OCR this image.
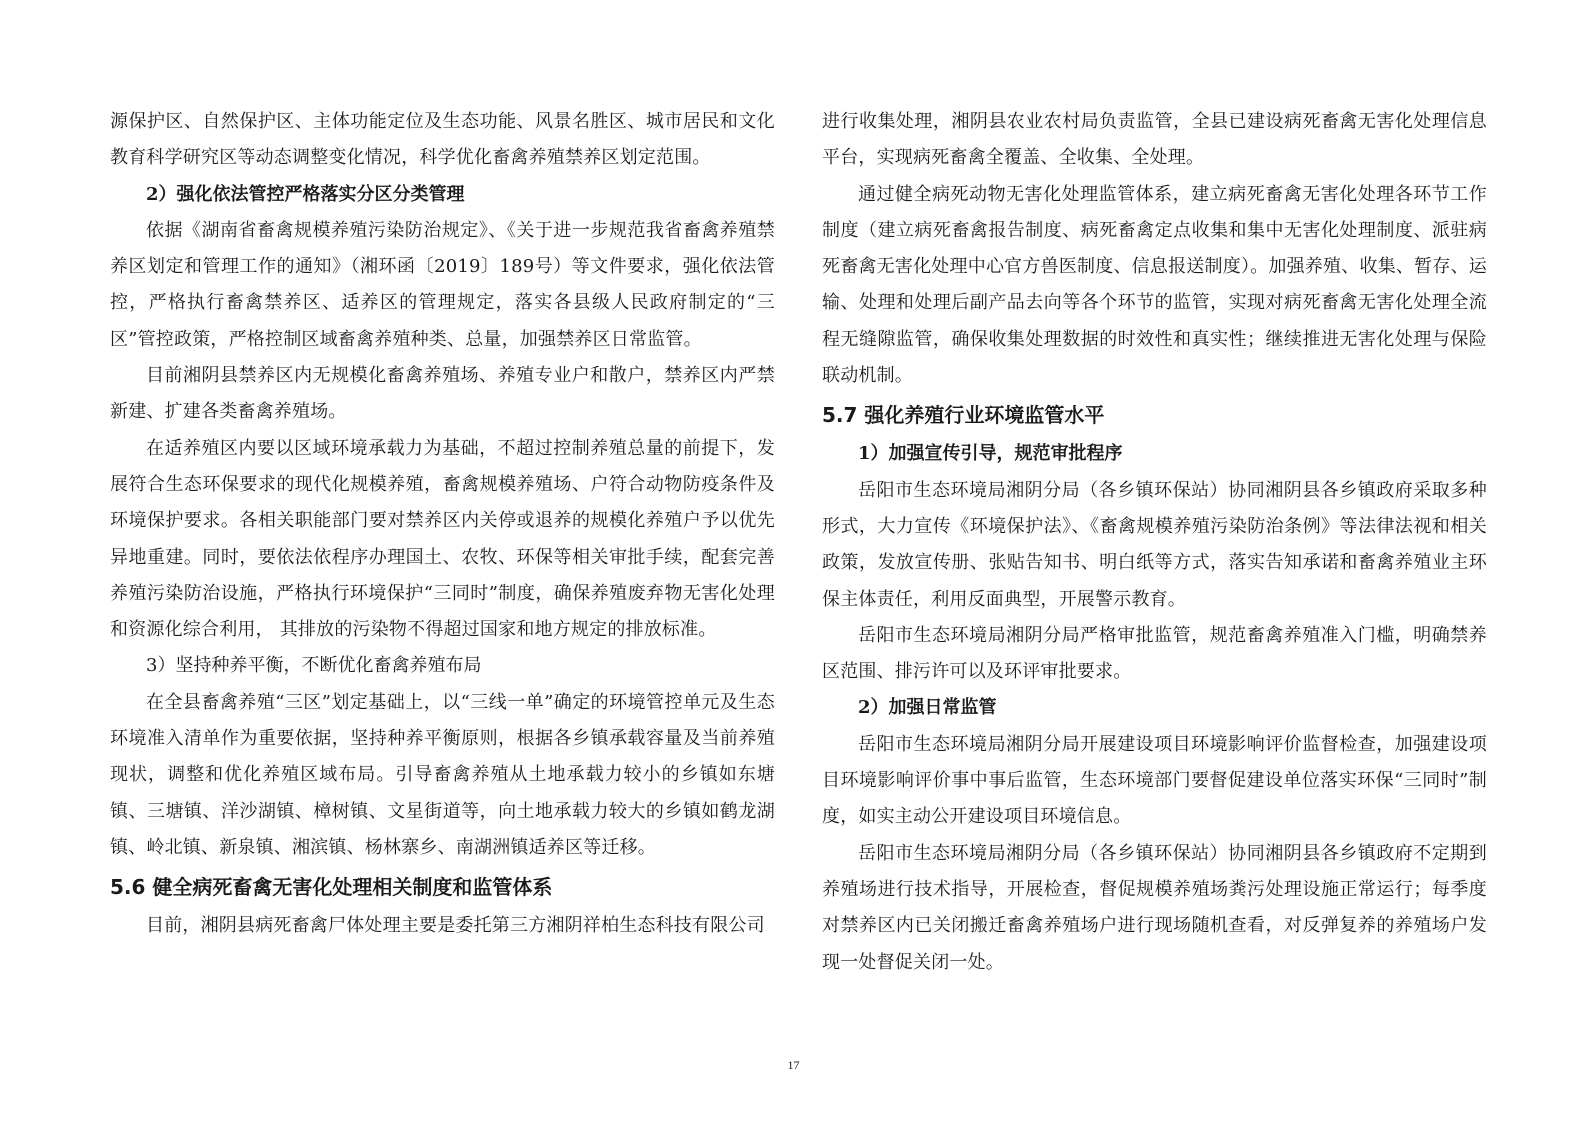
源保护区、自然保护区、主体功能定位及生态功能、风景名胜区、城市居民和文化教育科学研究区等动态调整变化情况，科学优化畜禽养殖禁养区划定范围。

2）强化依法管控严格落实分区分类管理

依据《湖南省畜禽规模养殖污染防治规定》、《关于进一步规范我省畜禽养殖禁养区划定和管理工作的通知》（湘环函〔2019〕189号）等文件要求，强化依法管控，严格执行畜禽禁养区、适养区的管理规定，落实各县级人民政府制定的“三区”管控政策，严格控制区域畜禽养殖种类、总量，加强禁养区日常监管。

目前湘阴县禁养区内无规模化畜禽养殖场、养殖专业户和散户，禁养区内严禁新建、扩建各类畜禽养殖场。

在适养殖区内要以区域环境承载力为基础，不超过控制养殖总量的前提下，发展符合生态环保要求的现代化规模养殖，畜禽规模养殖场、户符合动物防疫条件及环境保护要求。各相关职能部门要对禁养区内关停或退养的规模化养殖户予以优先异地重建。同时，要依法依程序办理国土、农牧、环保等相关审批手续，配套完善养殖污染防治设施，严格执行环境保护“三同时”制度，确保养殖废弃物无害化处理和资源化综合利用， 其排放的污染物不得超过国家和地方规定的排放标准。

3）坚持种养平衡，不断优化畜禽养殖布局

在全县畜禽养殖“三区”划定基础上，以“三线一单”确定的环境管控单元及生态环境准入清单作为重要依据，坚持种养平衡原则，根据各乡镇承载容量及当前养殖现状，调整和优化养殖区域布局。引导畜禽养殖从土地承载力较小的乡镇如东塘镇、三塘镇、洋沙湖镇、樟树镇、文星街道等，向土地承载力较大的乡镇如鹤龙湖镇、岭北镇、新泉镇、湘滨镇、杨林寨乡、南湖洲镇适养区等迁移。

5.6 健全病死畜禽无害化处理相关制度和监管体系

目前，湘阴县病死畜禽尸体处理主要是委托第三方湘阴祥柏生态科技有限公司

进行收集处理，湘阴县农业农村局负责监管，全县已建设病死畜禽无害化处理信息平台，实现病死畜禽全覆盖、全收集、全处理。

通过健全病死动物无害化处理监管体系，建立病死畜禽无害化处理各环节工作制度（建立病死畜禽报告制度、病死畜禽定点收集和集中无害化处理制度、派驻病死畜禽无害化处理中心官方兽医制度、信息报送制度）。加强养殖、收集、暂存、运输、处理和处理后副产品去向等各个环节的监管，实现对病死畜禽无害化处理全流程无缝隙监管，确保收集处理数据的时效性和真实性；继续推进无害化处理与保险联动机制。

5.7 强化养殖行业环境监管水平

1）加强宣传引导，规范审批程序

岳阳市生态环境局湘阴分局（各乡镇环保站）协同湘阴县各乡镇政府采取多种形式，大力宣传《环境保护法》、《畜禽规模养殖污染防治条例》等法律法视和相关政策，发放宣传册、张贴告知书、明白纸等方式，落实告知承诺和畜禽养殖业主环保主体责任，利用反面典型，开展警示教育。

岳阳市生态环境局湘阴分局严格审批监管，规范畜禽养殖准入门槛，明确禁养区范围、排污许可以及环评审批要求。

2）加强日常监管

岳阳市生态环境局湘阴分局开展建设项目环境影响评价监督检查，加强建设项目环境影响评价事中事后监管，生态环境部门要督促建设单位落实环保“三同时”制度，如实主动公开建设项目环境信息。

岳阳市生态环境局湘阴分局（各乡镇环保站）协同湘阴县各乡镇政府不定期到养殖场进行技术指导，开展检查，督促规模养殖场粪污处理设施正常运行；每季度对禁养区内已关闭搬迁畜禽养殖场户进行现场随机查看，对反弹复养的养殖场户发现一处督促关闭一处。

17
